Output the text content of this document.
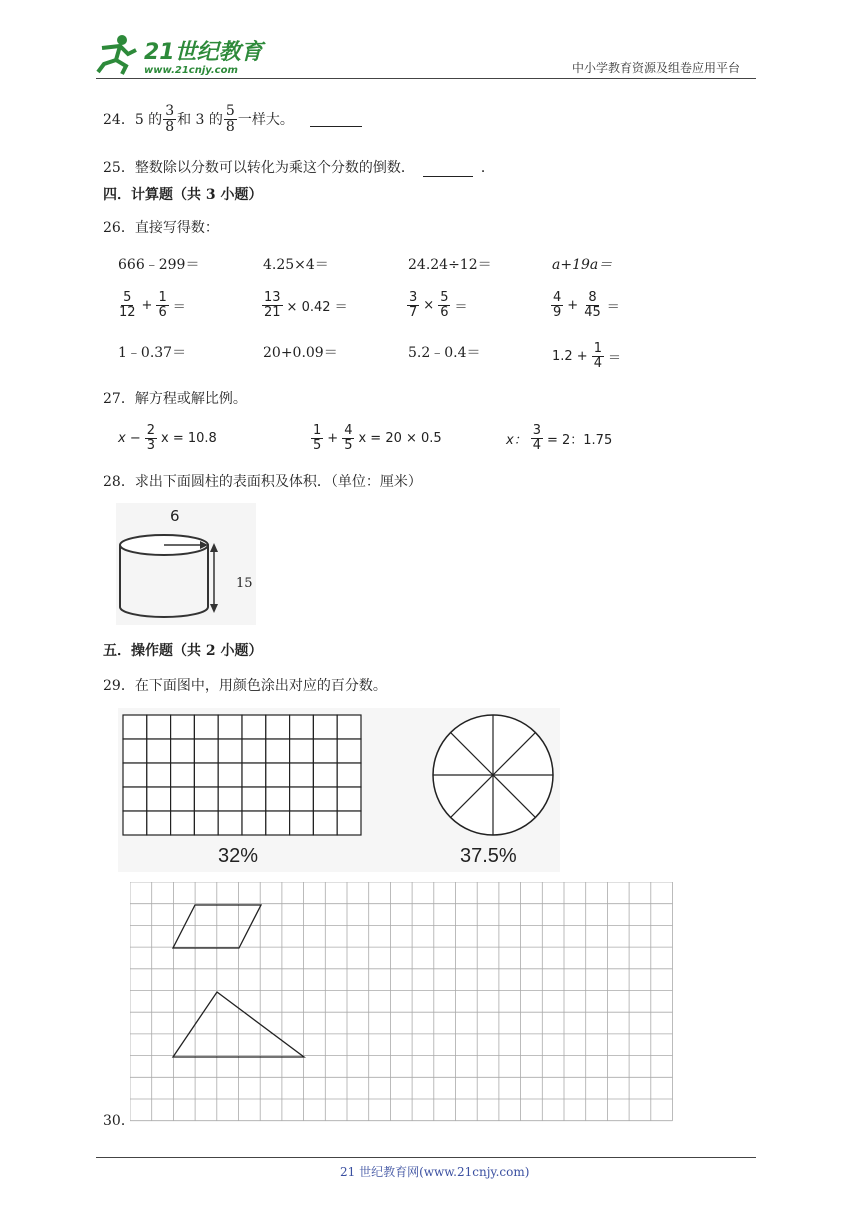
21世纪教育
www.21cnjy.com	中小学教育资源及组卷应用平台
24． 5 的 $\frac{3}{8}$ 和 3 的 $\frac{5}{8}$ 一样大。
25．整数除以分数可以转化为乘这个分数的倒数．	．
四．计算题（共 3 小题）
26．直接写得数：
666﹣299＝	4.25×4＝	24.24÷12＝	a+19a＝
$\frac{5}{12} + \frac{1}{6}$ ＝	$\frac{13}{21} \times 0.42$ ＝	$\frac{3}{7} \times \frac{5}{6}$ ＝	$\frac{4}{9} + \frac{8}{45}$ ＝
1﹣0.37＝	20+0.09＝	5.2﹣0.4＝	$1.2 + \frac{1}{4}$ ＝
27．解方程或解比例。
$x - \frac{2}{3}$ x = 10.8	$\frac{1}{5} + \frac{4}{5}$ x = 20 × 0.5	x： $\frac{3}{4} = 2$：1.75
28．求出下面圆柱的表面积及体积．（单位：厘米）
6
15
五．操作题（共 2 小题）
29．在下面图中，用颜色涂出对应的百分数。
32%	37.5%
30．
21 世纪教育网(www.21cnjy.com)
